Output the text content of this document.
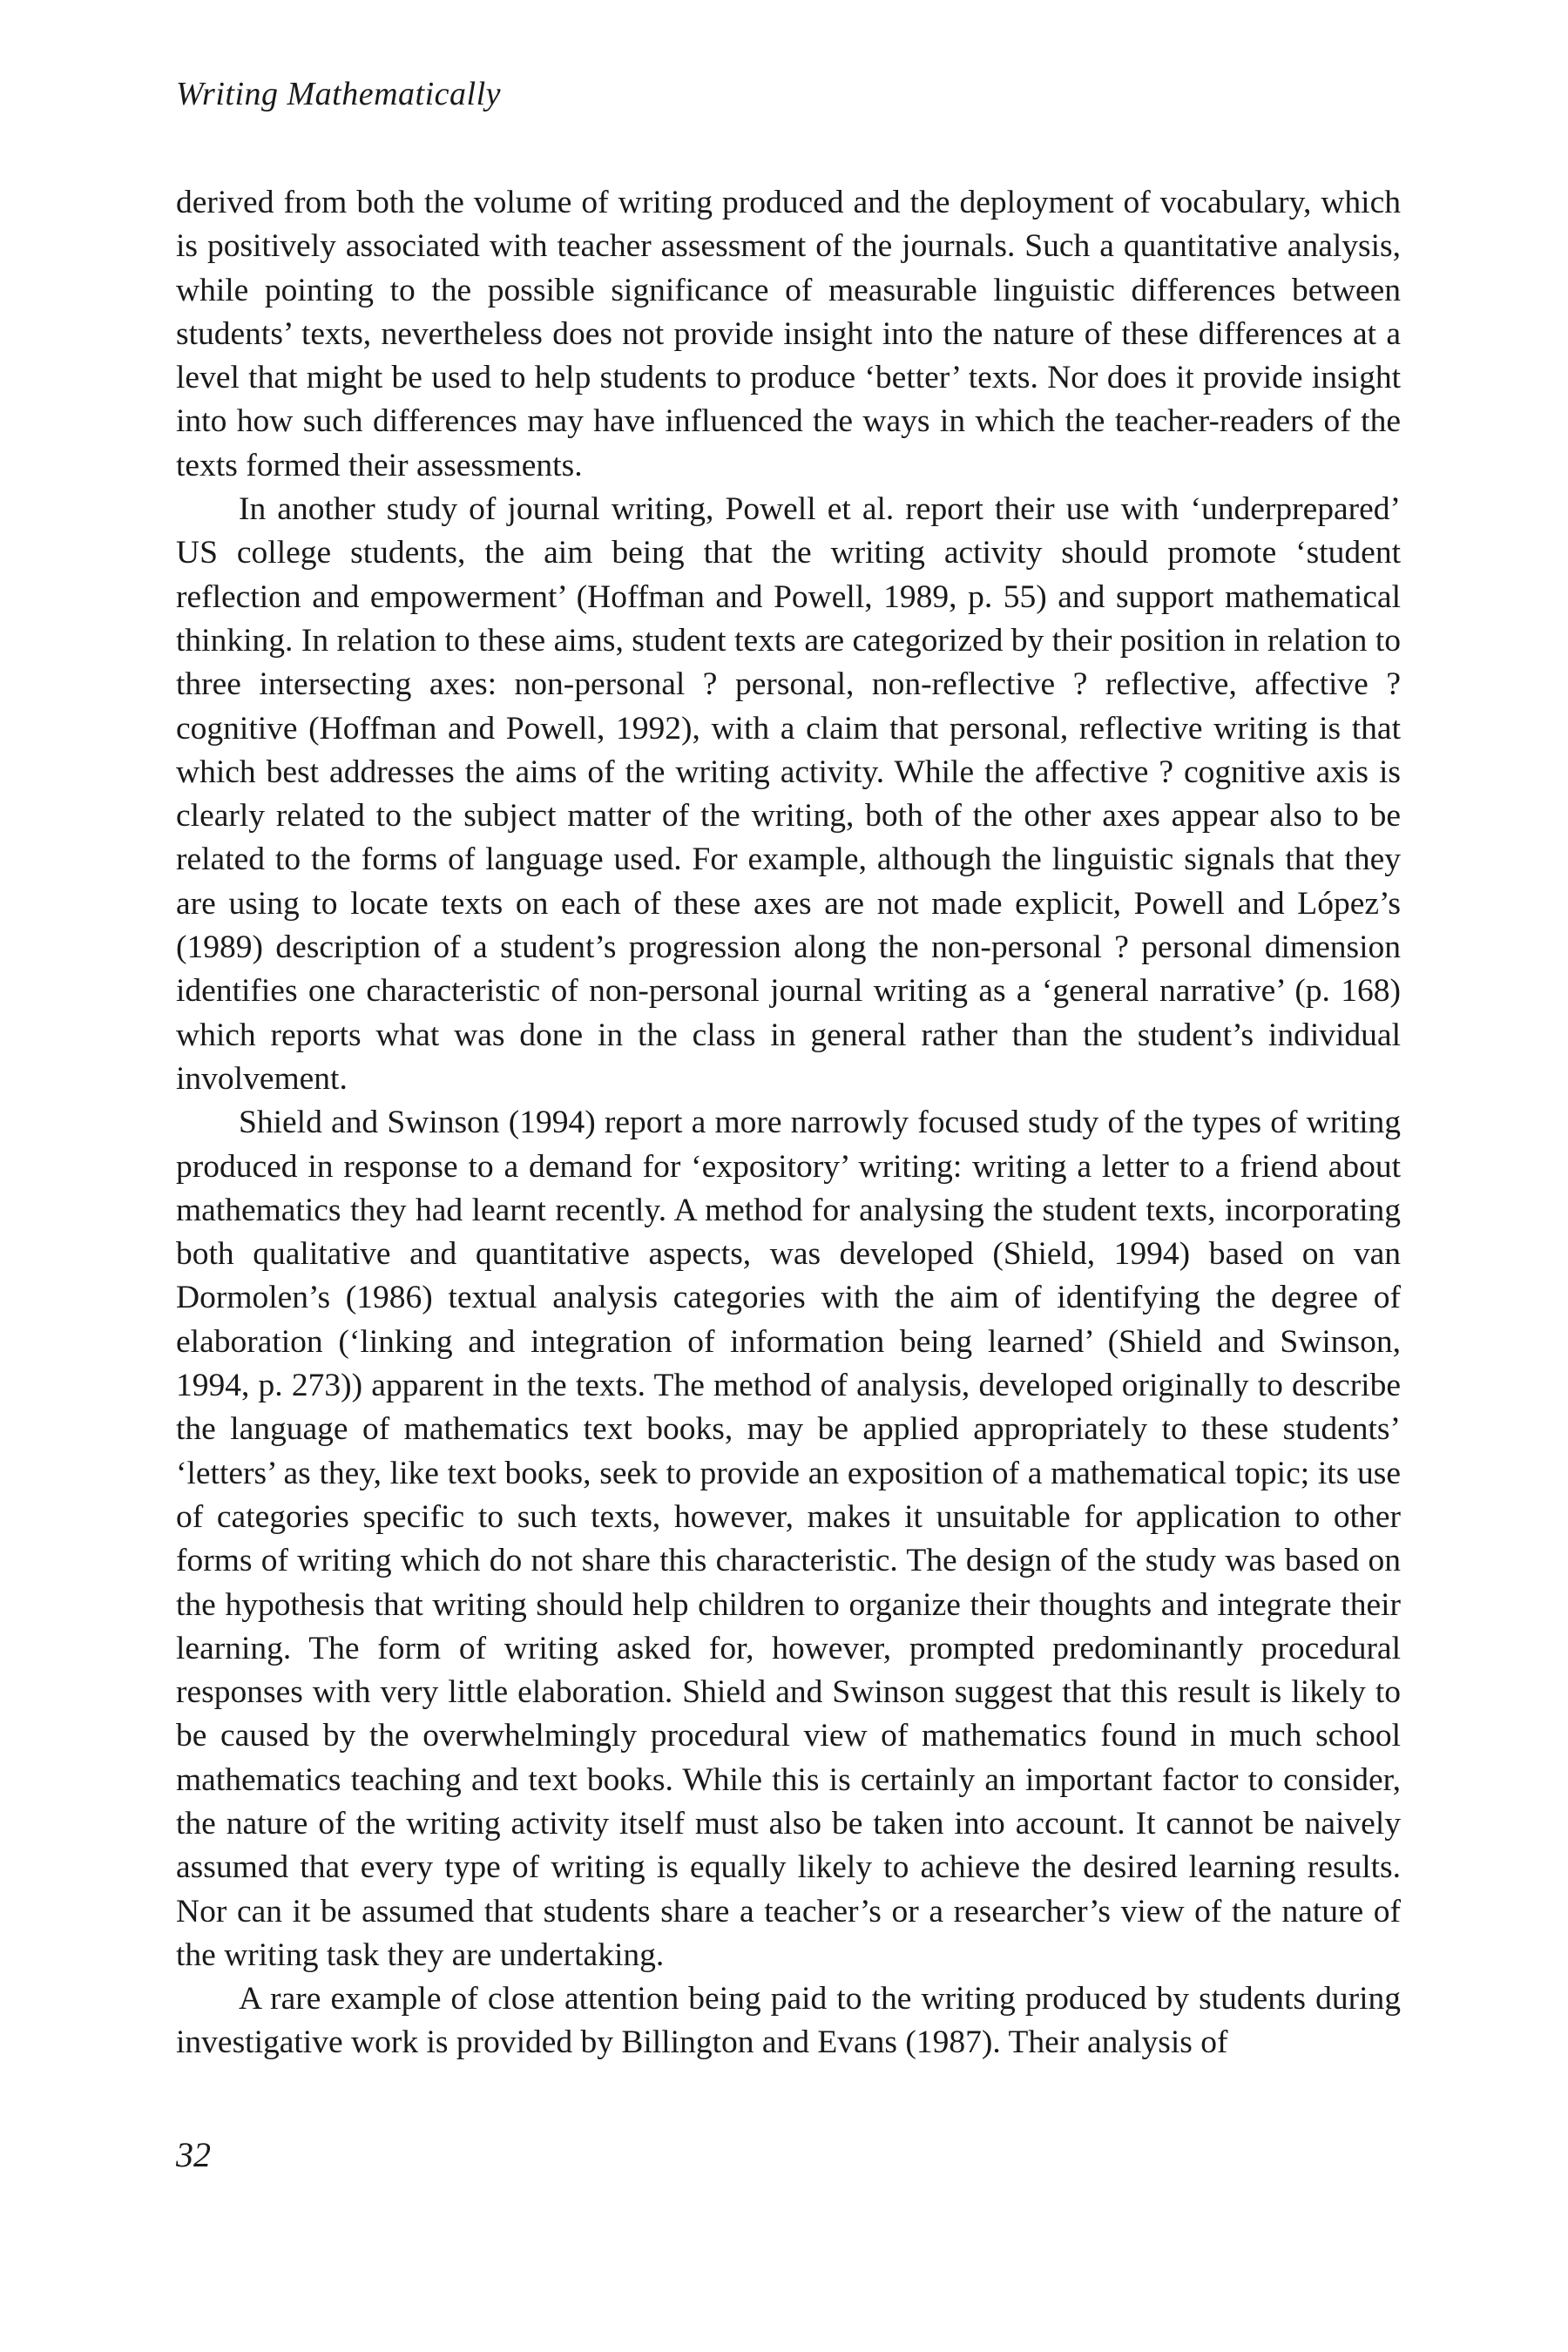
Writing Mathematically

derived from both the volume of writing produced and the deployment of vocabulary, which is positively associated with teacher assessment of the journals. Such a quantitative analysis, while pointing to the possible significance of measurable linguistic differences between students’ texts, nevertheless does not provide insight into the nature of these differences at a level that might be used to help students to produce ‘better’ texts. Nor does it provide insight into how such differences may have influenced the ways in which the teacher-readers of the texts formed their assessments.

In another study of journal writing, Powell et al. report their use with ‘underprepared’ US college students, the aim being that the writing activity should promote ‘student reflection and empowerment’ (Hoffman and Powell, 1989, p. 55) and support mathematical thinking. In relation to these aims, student texts are categorized by their position in relation to three intersecting axes: non-personal ? personal, non-reflective ? reflective, affective ? cognitive (Hoffman and Powell, 1992), with a claim that personal, reflective writing is that which best addresses the aims of the writing activity. While the affective ? cognitive axis is clearly related to the subject matter of the writing, both of the other axes appear also to be related to the forms of language used. For example, although the linguistic signals that they are using to locate texts on each of these axes are not made explicit, Powell and López’s (1989) description of a student’s progression along the non-personal ? personal dimension identifies one characteristic of non-personal journal writing as a ‘general narrative’ (p. 168) which reports what was done in the class in general rather than the student’s individual involvement.

Shield and Swinson (1994) report a more narrowly focused study of the types of writing produced in response to a demand for ‘expository’ writing: writing a letter to a friend about mathematics they had learnt recently. A method for analysing the student texts, incorporating both qualitative and quantitative aspects, was developed (Shield, 1994) based on van Dormolen’s (1986) textual analysis categories with the aim of identifying the degree of elaboration (‘linking and integration of information being learned’ (Shield and Swinson, 1994, p. 273)) apparent in the texts. The method of analysis, developed originally to describe the language of mathematics text books, may be applied appropriately to these students’ ‘letters’ as they, like text books, seek to provide an exposition of a mathematical topic; its use of categories specific to such texts, however, makes it unsuitable for application to other forms of writing which do not share this characteristic. The design of the study was based on the hypothesis that writing should help children to organize their thoughts and integrate their learning. The form of writing asked for, however, prompted predominantly procedural responses with very little elaboration. Shield and Swinson suggest that this result is likely to be caused by the overwhelmingly procedural view of mathematics found in much school mathematics teaching and text books. While this is certainly an important factor to consider, the nature of the writing activity itself must also be taken into account. It cannot be naively assumed that every type of writing is equally likely to achieve the desired learning results. Nor can it be assumed that students share a teacher’s or a researcher’s view of the nature of the writing task they are undertaking.

A rare example of close attention being paid to the writing produced by students during investigative work is provided by Billington and Evans (1987). Their analysis of

32
